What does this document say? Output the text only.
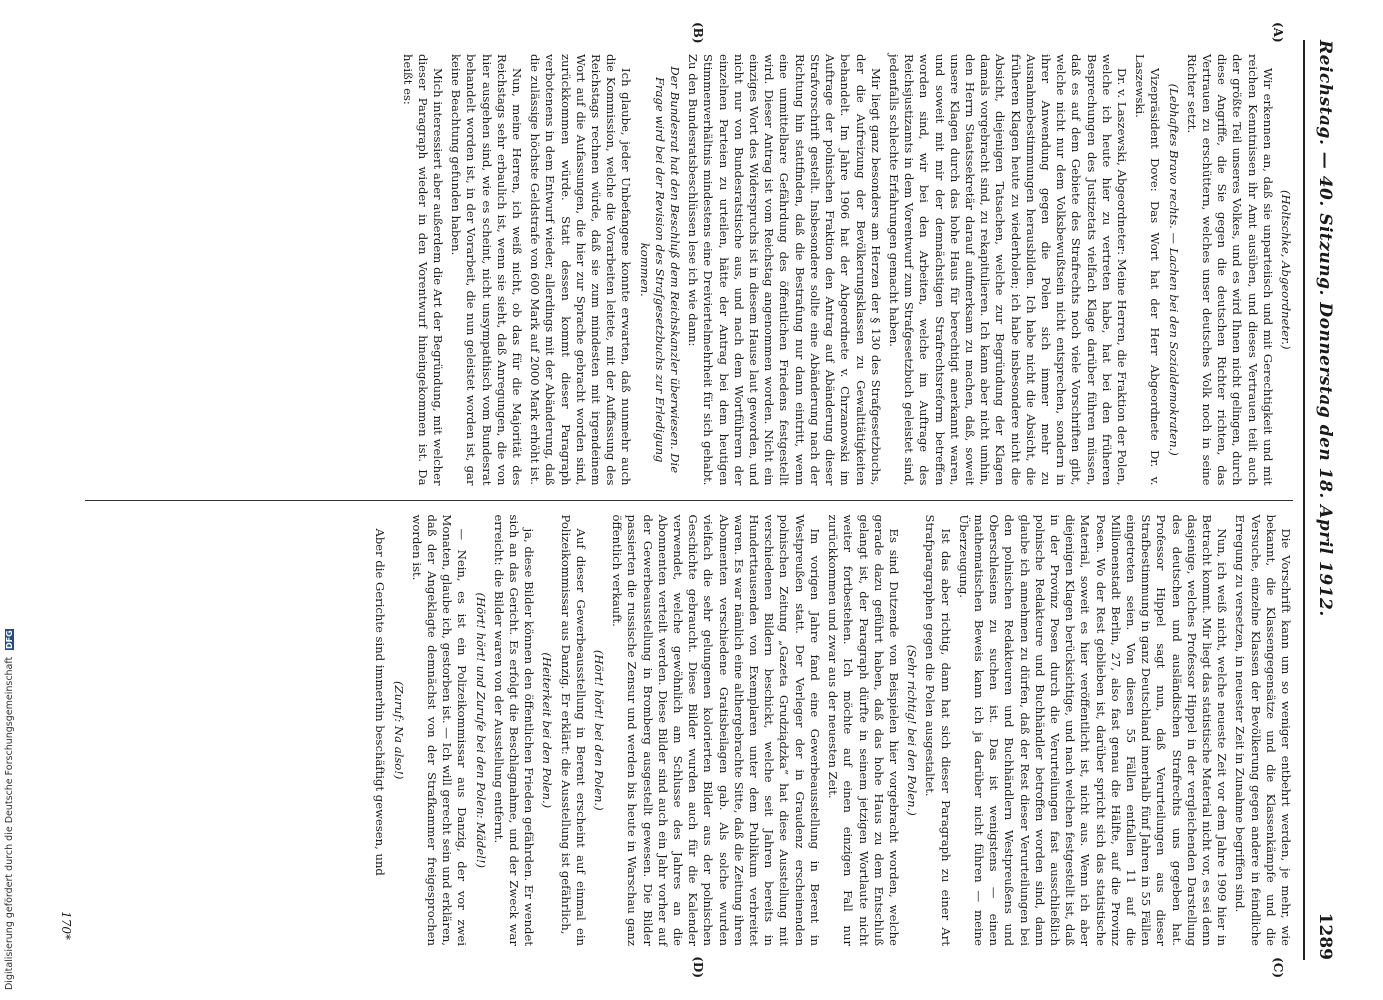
Reichstag. — 40. Sitzung. Donnerstag den 18. April 1912.
1289
(A)
(B)
(C)
(D)

(Holtschke, Abgeordneter.)

Wir erkennen an, daß sie unparteiisch und mit Gerechtigkeit und mit reichen Kenntnissen ihr Amt ausüben, und dieses Vertrauen teilt auch der größte Teil unseres Volkes, und es wird Ihnen nicht gelingen, durch diese Angriffe, die Sie gegen die deutschen Richter richten, das Vertrauen zu erschüttern, welches unser deutsches Volk noch in seine Richter setzt.

(Lebhaftes Bravo rechts. — Lachen bei den Sozialdemokraten.)

Vizepräsident Dove: Das Wort hat der Herr Abgeordnete Dr. v. Laszewski.

Dr. v. Laszewski, Abgeordneter: Meine Herren, die Fraktion der Polen, welche ich heute hier zu vertreten habe, hat bei den früheren Besprechungen des Justizetats vielfach Klage darüber führen müssen, daß es auf dem Gebiete des Strafrechts noch viele Vorschriften gibt, welche nicht nur dem Volksbewußtsein nicht entsprechen, sondern in ihrer Anwendung gegen die Polen sich immer mehr zu Ausnahmebestimmungen herausbilden. Ich habe nicht die Absicht, die früheren Klagen heute zu wiederholen; ich habe insbesondere nicht die Absicht, diejenigen Tatsachen, welche zur Begründung der Klagen damals vorgebracht sind, zu rekapitulieren. Ich kann aber nicht umhin, den Herrn Staatssekretär darauf aufmerksam zu machen, daß, soweit unsere Klagen durch das hohe Haus für berechtigt anerkannt waren, und soweit mit mir der demnächstigen Strafrechtsreform betreffen worden sind, wir bei den Arbeiten, welche im Auftrage des Reichsjustizamts in dem Vorentwurf zum Strafgesetzbuch geleistet sind, jedenfalls schlechte Erfahrungen gemacht haben.

Mir liegt ganz besonders am Herzen der § 130 des Strafgesetzbuchs, der die Aufreizung der Bevölkerungsklassen zu Gewalttätigkeiten behandelt. Im Jahre 1906 hat der Abgeordnete v. Chrzanowski im Auftrage der polnischen Fraktion den Antrag auf Abänderung dieser Strafvorschrift gestellt. Insbesondere sollte eine Abänderung nach der Richtung hin stattfinden, daß die Bestrafung nur dann eintritt, wenn eine unmittelbare Gefährdung des öffentlichen Friedens festgestellt wird. Dieser Antrag ist vom Reichstag angenommen worden. Nicht ein einziges Wort des Widerspruchs ist in diesem Hause laut geworden, und nicht nur von Bundesratstische aus, und nach dem Wortführern der einzelnen Parteien zu urteilen, hätte der Antrag bei dem heutigen Stimmenverhältnis mindestens eine Dreiviertelmehrheit für sich gehabt. Zu den Bundesratsbeschlüssen lese ich wie dann:

Der Bundesrat hat den Beschluß dem Reichskanzler überwiesen. Die Frage wird bei der Revision des Strafgesetzbuchs zur Erledigung kommen.

Ich glaube, jeder Unbefangene konnte erwarten, daß nunmehr auch die Kommission, welche die Vorarbeiten leitete, mit der Auffassung des Reichstags rechnen würde, daß sie zum mindesten mit irgendeinem Wort auf die Aufassungen, die hier zur Sprache gebracht worden sind, zurückkommen würde. Statt dessen kommt dieser Paragraph verbotenens in dem Entwurf wieder, allerdings mit der Abänderung, daß die zulässige höchste Geldstrafe von 600 Mark auf 2000 Mark erhöht ist.

Nun, meine Herren, ich weiß nicht, ob das für die Majorität des Reichstags sehr erbaulich ist, wenn sie sieht, daß Anregungen, die von hier ausgehen sind, wie es scheint, nicht unsympathisch vom Bundesrat behandelt worden ist, in der Vorarbeit, die nun geleistet worden ist, gar keine Beachtung gefunden haben.

Mich interessiert aber außerdem die Art der Begründung, mit welcher dieser Paragraph wieder in den Vorentwurf hineingekommen ist. Da heißt es:

Die Vorschrift kann um so weniger entbehrt werden, je mehr, wie bekannt, die Klassengegensätze und die Klassenkämpfe und die Versuche, einzelne Klassen der Bevölkerung gegen andere in feindliche Erregung zu versetzen, in neuester Zeit in Zunahme begriffen sind.

Nun, ich weiß nicht, welche neueste Zeit vor dem Jahre 1909 hier in Betracht kommt. Mir liegt das statistische Material nicht vor, es sei denn dasjenige, welches Professor Hippel in der vergleichenden Darstellung des deutschen und ausländischen Strafrechts uns gegeben hat. Professor Hippel sagt nun, daß Verurteilungen aus dieser Strafbestimmung in ganz Deutschland innerhalb fünf Jahren in 55 Fällen eingetreten seien. Von diesen 55 Fällen entfallen 11 auf die Millionenstadt Berlin, 27, also fast genau die Hälfte, auf die Provinz Posen. Wo der Rest geblieben ist, darüber spricht sich das statistische Material, soweit es hier veröffentlicht ist, nicht aus. Wenn ich aber diejenigen Klagen berücksichtige, und nach welchen festgestellt ist, daß in der Provinz Posen durch die Verurteilungen fast ausschließlich polnische Redakteure und Buchhändler betroffen worden sind, dann glaube ich annehmen zu dürfen, daß der Rest dieser Verurteilungen bei den polnischen Redakteuren und Buchhändlern Westpreußens und Oberschlesiens zu suchen ist. Das ist wenigstens — einen mathematischen Beweis kann ich ja darüber nicht führen — meine Überzeugung.

Ist das aber richtig, dann hat sich dieser Paragraph zu einer Art Strafparagraphen gegen die Polen ausgestaltet.

(Sehr richtig! bei den Polen.)

Es sind Dutzende von Beispielen hier vorgebracht worden, welche gerade dazu geführt haben, daß das hohe Haus zu dem Entschluß gelangt ist, der Paragraph dürfte in seinem jetzigen Wortlaute nicht weiter fortbestehen. Ich möchte auf einen einzigen Fall nur zurückkommen und zwar aus der neuesten Zeit.

Im vorigen Jahre fand eine Gewerbeausstellung in Berent in Westpreußen statt. Der Verleger der in Graudenz erscheinenden polnischen Zeitung „Gazeta Grudziądzka“ hat diese Ausstellung mit verschiedenen Bildern beschickt, welche seit Jahren bereits in Hunderttausenden von Exemplaren unter dem Publikum verbreitet waren. Es war nämlich eine althergebrachte Sitte, daß die Zeitung ihren Abonnenten verschiedene Gratisbeilagen gab. Als solche wurden vielfach die sehr gelungenen kolorierten Bilder aus der polnischen Geschichte gebraucht. Diese Bilder wurden auch für die Kalender verwendet, welche gewöhnlich am Schlusse des Jahres an die Abonnenten verteilt werden. Diese Bilder sind auch ein Jahr vorher auf der Gewerbeausstellung in Bromberg ausgestellt gewesen. Die Bilder passierten die russische Zensur und werden bis heute in Warschau ganz öffentlich verkauft.

(Hört! hört! bei den Polen.)

Auf dieser Gewerbeausstellung in Berent erscheint auf einmal ein Polizeikommissar aus Danzig. Er erklärt: die Ausstellung ist gefährlich,

(Heiterkeit bei den Polen.)

ja, diese Bilder können den öffentlichen Frieden gefährden. Er wendet sich an das Gericht. Es erfolgt die Beschlagnahme, und der Zweck war erreicht: die Bilder waren von der Ausstellung entfernt.

(Hört! hört! und Zurufe bei den Polen: Mädel!)

— Nein, es ist ein Polizeikommissar aus Danzig, der vor zwei Monaten, glaube ich, gestorben ist. — Ich will gerecht sein und erklären, daß der Angeklagte demnächst von der Strafkammer freigesprochen worden ist.

(Zuruf: Na also!)

Aber die Gerichte sind immerhin beschäftigt gewesen, und

170*
Digitalisierung gefördert durch die Deutsche Forschungsgemeinschaft DFG
